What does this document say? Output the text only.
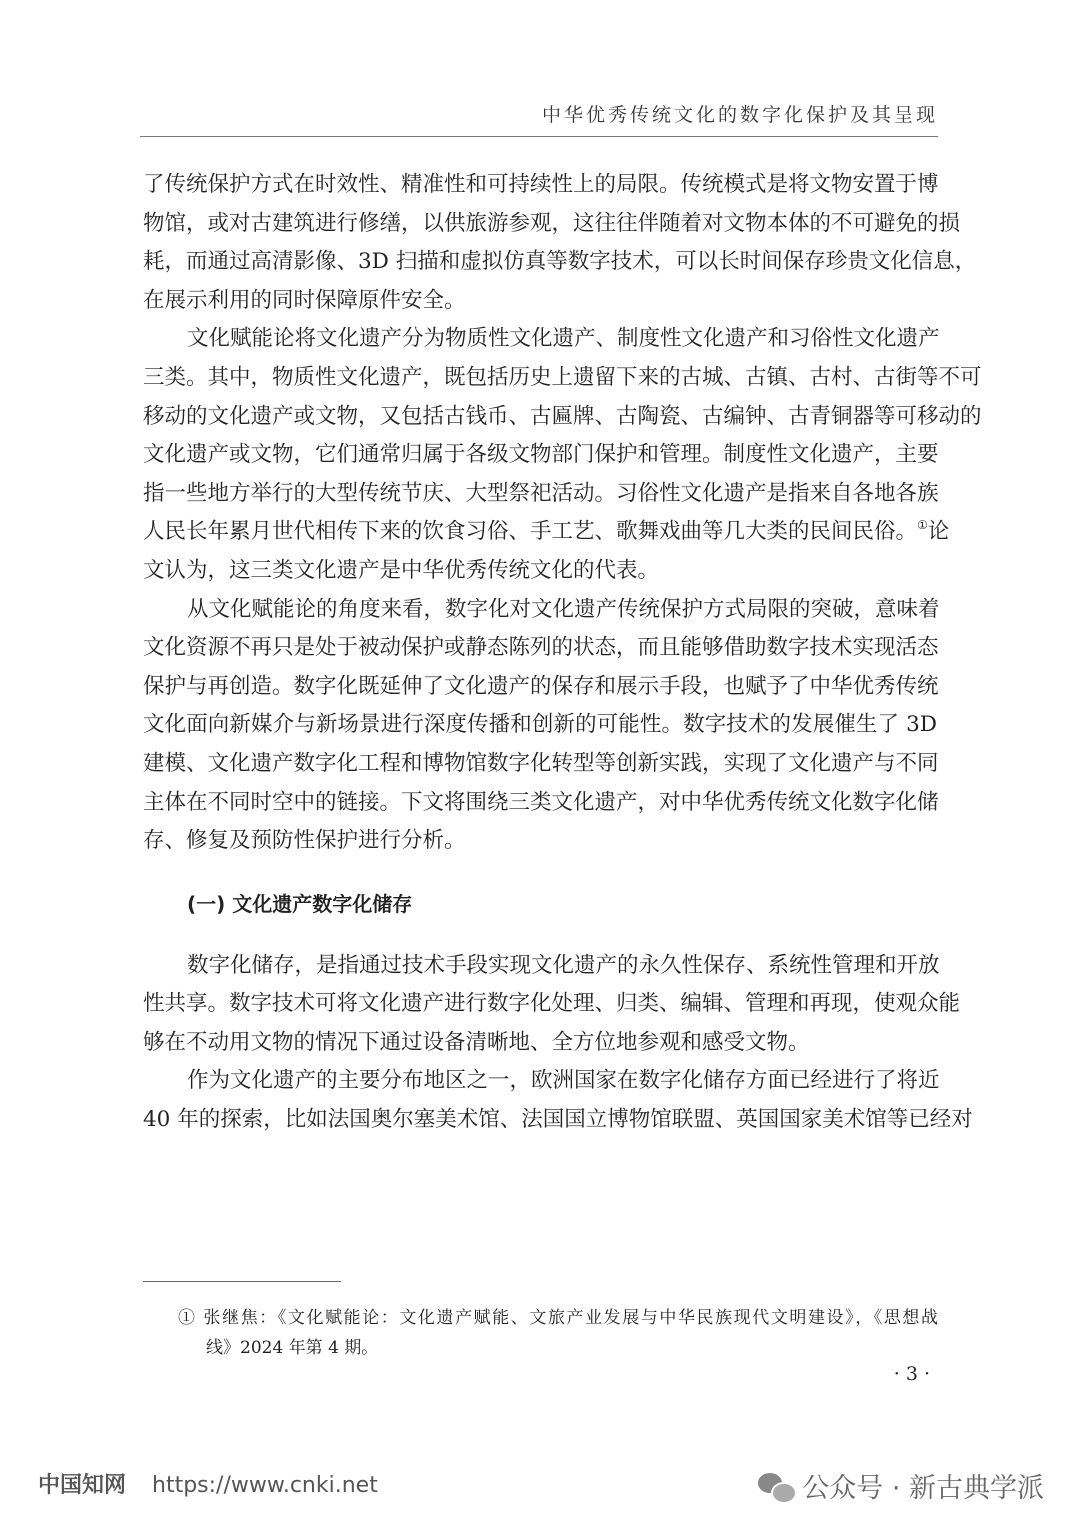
中华优秀传统文化的数字化保护及其呈现
了传统保护方式在时效性、精准性和可持续性上的局限。传统模式是将文物安置于博
物馆，或对古建筑进行修缮，以供旅游参观，这往往伴随着对文物本体的不可避免的损
耗，而通过高清影像、3D 扫描和虚拟仿真等数字技术，可以长时间保存珍贵文化信息，
在展示利用的同时保障原件安全。
文化赋能论将文化遗产分为物质性文化遗产、制度性文化遗产和习俗性文化遗产
三类。其中，物质性文化遗产，既包括历史上遗留下来的古城、古镇、古村、古街等不可
移动的文化遗产或文物，又包括古钱币、古匾牌、古陶瓷、古编钟、古青铜器等可移动的
文化遗产或文物，它们通常归属于各级文物部门保护和管理。制度性文化遗产，主要
指一些地方举行的大型传统节庆、大型祭祀活动。习俗性文化遗产是指来自各地各族
人民长年累月世代相传下来的饮食习俗、手工艺、歌舞戏曲等几大类的民间民俗。①论
文认为，这三类文化遗产是中华优秀传统文化的代表。
从文化赋能论的角度来看，数字化对文化遗产传统保护方式局限的突破，意味着
文化资源不再只是处于被动保护或静态陈列的状态，而且能够借助数字技术实现活态
保护与再创造。数字化既延伸了文化遗产的保存和展示手段，也赋予了中华优秀传统
文化面向新媒介与新场景进行深度传播和创新的可能性。数字技术的发展催生了 3D
建模、文化遗产数字化工程和博物馆数字化转型等创新实践，实现了文化遗产与不同
主体在不同时空中的链接。下文将围绕三类文化遗产，对中华优秀传统文化数字化储
存、修复及预防性保护进行分析。
(一) 文化遗产数字化储存
数字化储存，是指通过技术手段实现文化遗产的永久性保存、系统性管理和开放
性共享。数字技术可将文化遗产进行数字化处理、归类、编辑、管理和再现，使观众能
够在不动用文物的情况下通过设备清晰地、全方位地参观和感受文物。
作为文化遗产的主要分布地区之一，欧洲国家在数字化储存方面已经进行了将近
40 年的探索，比如法国奥尔塞美术馆、法国国立博物馆联盟、英国国家美术馆等已经对
① 张继焦：《文化赋能论：文化遗产赋能、文旅产业发展与中华民族现代文明建设》，《思想战
线》2024 年第 4 期。
· 3 ·
中国知网 https://www.cnki.net	公众号 · 新古典学派
